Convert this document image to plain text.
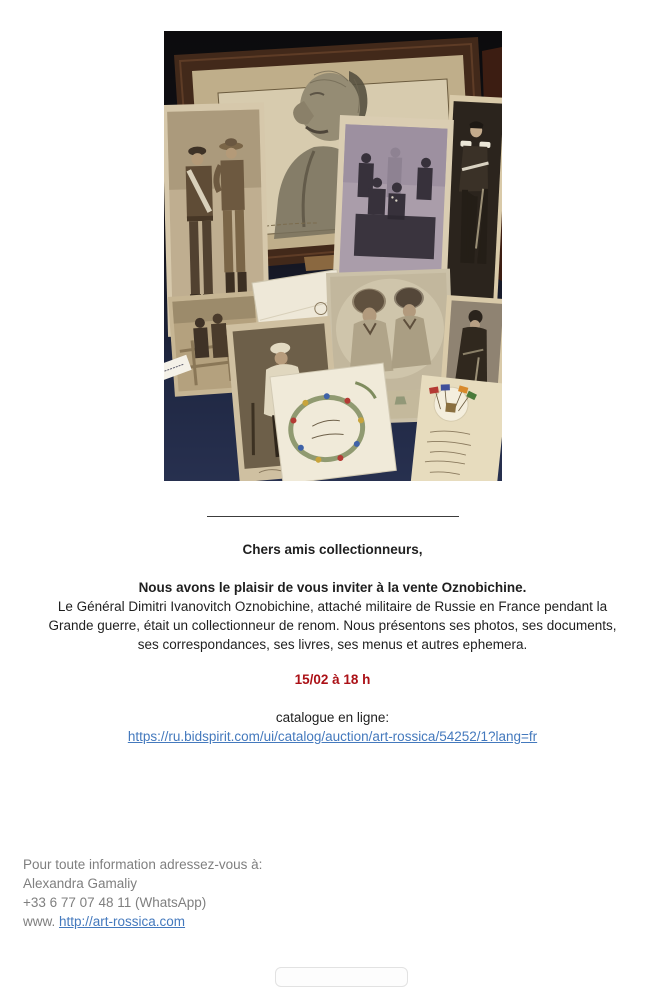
Chers amis collectionneurs,

Nous avons le plaisir de vous inviter à la vente Oznobichine.

Le Général Dimitri Ivanovitch Oznobichine, attaché militaire de Russie en France pendant la Grande guerre, était un collectionneur de renom. Nous présentons ses photos, ses documents, ses correspondances, ses livres, ses menus et autres ephemera.

15/02 à 18 h

catalogue en ligne:

https://ru.bidspirit.com/ui/catalog/auction/art-rossica/54252/1?lang=fr

Pour toute information adressez-vous à:

Alexandra Gamaliy

+33 6 77 07 48 11 (WhatsApp)

www. http://art-rossica.com
